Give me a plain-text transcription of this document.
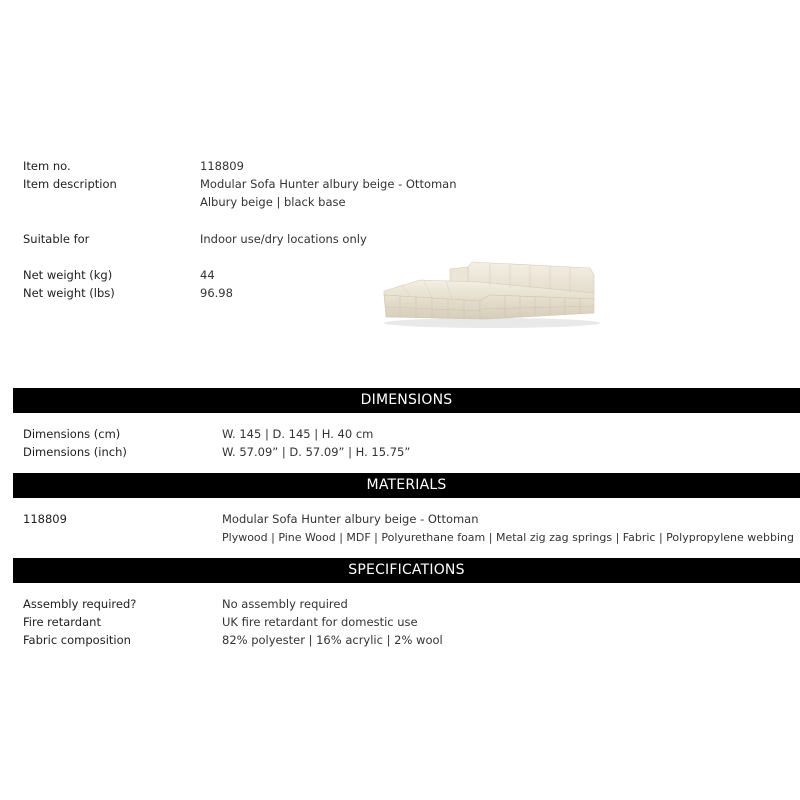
Item no.	118809
Item description	Modular Sofa Hunter albury beige - Ottoman
Albury beige | black base
Suitable for	Indoor use/dry locations only
Net weight (kg)	44
Net weight (lbs)	96.98
DIMENSIONS
Dimensions (cm)	W. 145 | D. 145 | H. 40 cm
Dimensions (inch)	W. 57.09” | D. 57.09” | H. 15.75”
MATERIALS
118809	Modular Sofa Hunter albury beige - Ottoman
Plywood | Pine Wood | MDF | Polyurethane foam | Metal zig zag springs | Fabric | Polypropylene webbing
SPECIFICATIONS
Assembly required?	No assembly required
Fire retardant	UK fire retardant for domestic use
Fabric composition	82% polyester | 16% acrylic | 2% wool
